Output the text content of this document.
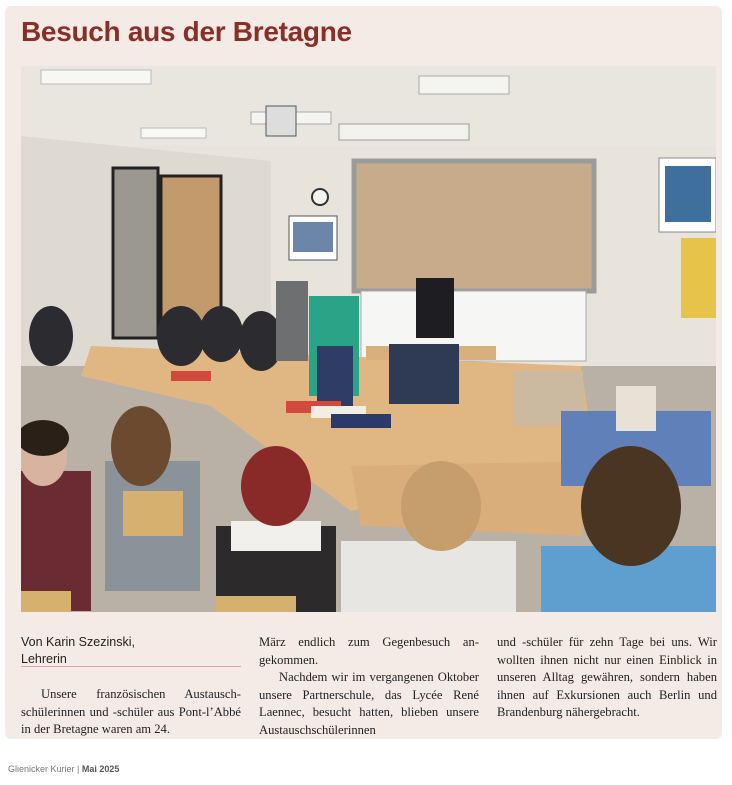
Besuch aus der Bretagne
Von Karin Szezinski,
Lehrerin

Unsere französischen Austauschschülerinnen und ‑schüler aus Pont-l’Abbé in der Bretagne waren am 24.

März endlich zum Gegenbesuch angekommen.

Nachdem wir im vergangenen Oktober unsere Partnerschule, das Lycée René Laennec, besucht hatten, blieben unsere Austauschschülerinnen

und ‑schüler für zehn Tage bei uns. Wir wollten ihnen nicht nur einen Einblick in unseren Alltag gewähren, sondern haben ihnen auf Exkursionen auch Berlin und Brandenburg nähergebracht.

Glienicker Kurier | Mai 2025
